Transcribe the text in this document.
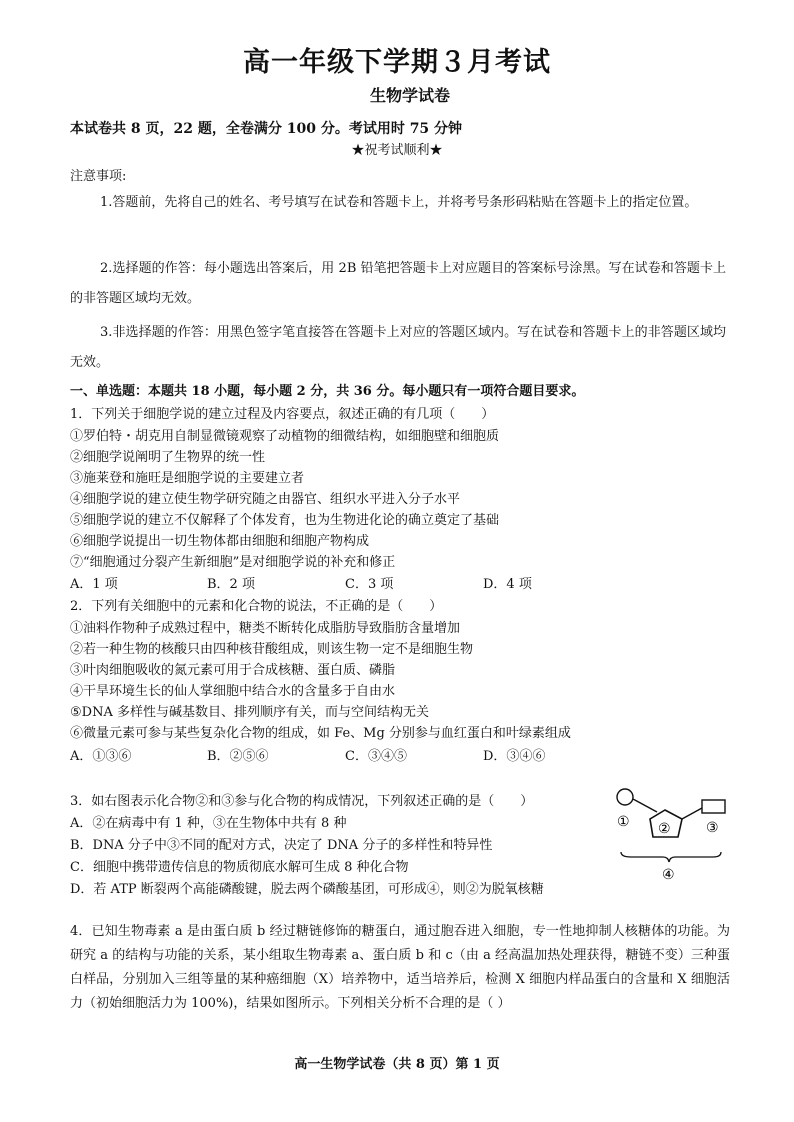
高一年级下学期３月考试
生物学试卷
本试卷共 8 页，22 题，全卷满分 100 分。考试用时 75 分钟
★祝考试顺利★
注意事项:
1.答题前，先将自己的姓名、考号填写在试卷和答题卡上，并将考号条形码粘贴在答题卡上的指定位置。
2.选择题的作答：每小题选出答案后，用 2B 铅笔把答题卡上对应题目的答案标号涂黑。写在试卷和答题卡上的非答题区域均无效。
3.非选择题的作答：用黑色签字笔直接答在答题卡上对应的答题区域内。写在试卷和答题卡上的非答题区域均无效。
一、单选题：本题共 18 小题，每小题 2 分，共 36 分。每小题只有一项符合题目要求。
1．下列关于细胞学说的建立过程及内容要点，叙述正确的有几项（　　）
①罗伯特・胡克用自制显微镜观察了动植物的细微结构，如细胞壁和细胞质
②细胞学说阐明了生物界的统一性
③施莱登和施旺是细胞学说的主要建立者
④细胞学说的建立使生物学研究随之由器官、组织水平进入分子水平
⑤细胞学说的建立不仅解释了个体发育，也为生物进化论的确立奠定了基础
⑥细胞学说提出一切生物体都由细胞和细胞产物构成
⑦“细胞通过分裂产生新细胞”是对细胞学说的补充和修正
A．1 项	B．2 项	C．3 项	D．4 项
2．下列有关细胞中的元素和化合物的说法，不正确的是（　　）
①油料作物种子成熟过程中，糖类不断转化成脂肪导致脂肪含量增加
②若一种生物的核酸只由四种核苷酸组成，则该生物一定不是细胞生物
③叶肉细胞吸收的氮元素可用于合成核糖、蛋白质、磷脂
④干旱环境生长的仙人掌细胞中结合水的含量多于自由水
⑤DNA 多样性与碱基数目、排列顺序有关，而与空间结构无关
⑥微量元素可参与某些复杂化合物的组成，如 Fe、Mg 分别参与血红蛋白和叶绿素组成
A．①③⑥	B．②⑤⑥	C．③④⑤	D．③④⑥
3．如右图表示化合物②和③参与化合物的构成情况，下列叙述正确的是（　　）
A．②在病毒中有 1 种，③在生物体中共有 8 种
B．DNA 分子中③不同的配对方式，决定了 DNA 分子的多样性和特异性
C．细胞中携带遗传信息的物质彻底水解可生成 8 种化合物
D．若 ATP 断裂两个高能磷酸键，脱去两个磷酸基团，可形成④，则②为脱氧核糖
① ②	③
④
4．已知生物毒素 a 是由蛋白质 b 经过糖链修饰的糖蛋白，通过胞吞进入细胞，专一性地抑制人核糖体的功能。为研究 a 的结构与功能的关系，某小组取生物毒素 a、蛋白质 b 和 c（由 a 经高温加热处理获得，糖链不变）三种蛋白样品，分别加入三组等量的某种癌细胞（X）培养物中，适当培养后，检测 X 细胞内样品蛋白的含量和 X 细胞活力（初始细胞活力为 100%)，结果如图所示。下列相关分析不合理的是（ ）
高一生物学试卷（共 8 页）第 1 页
